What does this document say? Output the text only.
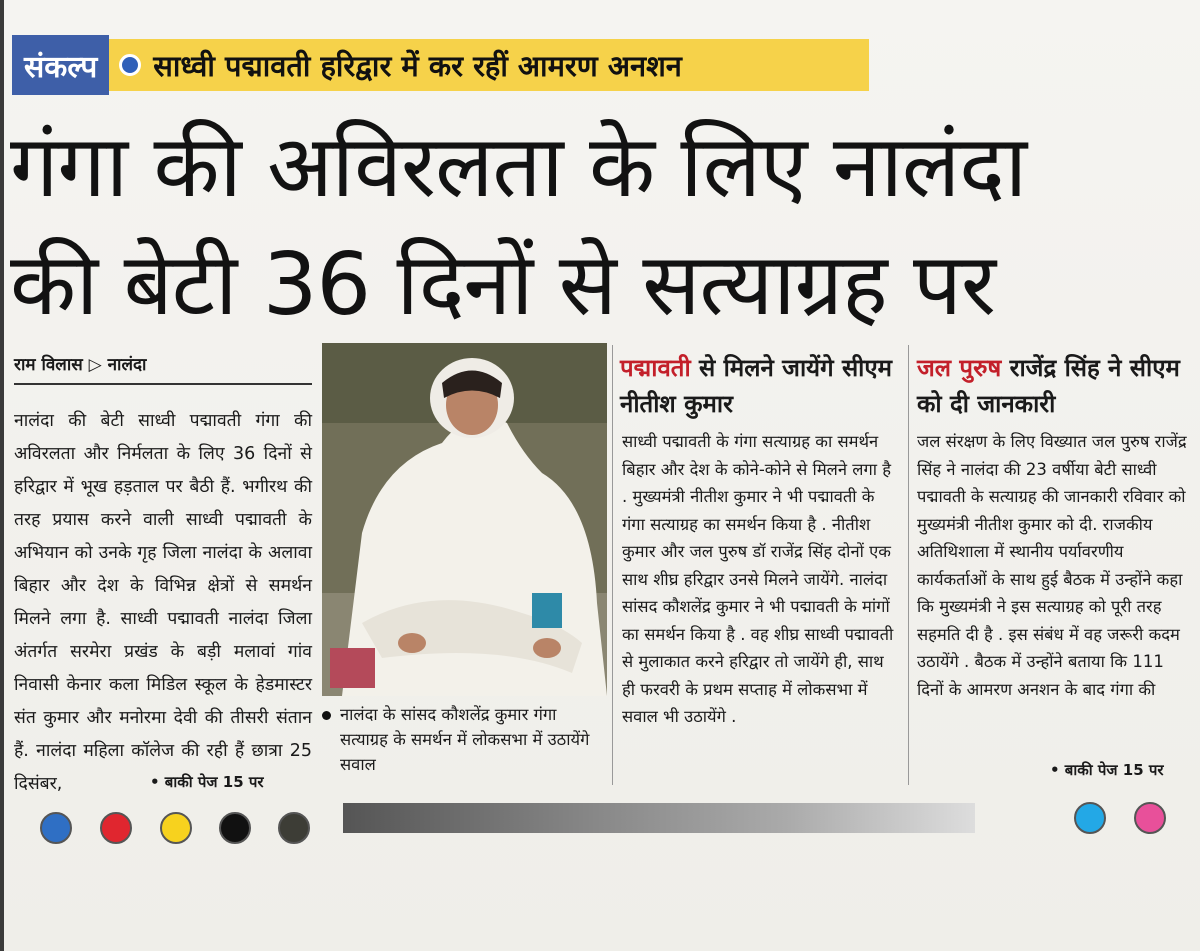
संकल्प	साध्वी पद्मावती हरिद्वार में कर रहीं आमरण अनशन
गंगा की अविरलता के लिए नालंदा
की बेटी 36 दिनों से सत्याग्रह पर
राम विलास ▷ नालंदा
नालंदा की बेटी साध्वी पद्मावती गंगा की अविरलता और निर्मलता के लिए 36 दिनों से हरिद्वार में भूख हड़ताल पर बैठी हैं. भगीरथ की तरह प्रयास करने वाली साध्वी पद्मावती के अभियान को उनके गृह जिला नालंदा के अलावा बिहार और देश के विभिन्न क्षेत्रों से समर्थन मिलने लगा है. साध्वी पद्मावती नालंदा जिला अंतर्गत सरमेरा प्रखंड के बड़ी मलावां गांव निवासी केनार कला मिडिल स्कूल के हेडमास्टर संत कुमार और मनोरमा देवी की तीसरी संतान हैं. नालंदा महिला कॉलेज की रही हैं छात्रा 25 दिसंबर,	• बाकी पेज 15 पर
नालंदा के सांसद कौशलेंद्र कुमार गंगा सत्याग्रह के समर्थन में लोकसभा में उठायेंगे सवाल
पद्मावती से मिलने जायेंगे सीएम नीतीश कुमार
साध्वी पद्मावती के गंगा सत्याग्रह का समर्थन बिहार और देश के कोने-कोने से मिलने लगा है . मुख्यमंत्री नीतीश कुमार ने भी पद्मावती के गंगा सत्याग्रह का समर्थन किया है . नीतीश कुमार और जल पुरुष डॉ राजेंद्र सिंह दोनों एक साथ शीघ्र हरिद्वार उनसे मिलने जायेंगे. नालंदा सांसद कौशलेंद्र कुमार ने भी पद्मावती के मांगों का समर्थन किया है . वह शीघ्र साध्वी पद्मावती से मुलाकात करने हरिद्वार तो जायेंगे ही, साथ ही फरवरी के प्रथम सप्ताह में लोकसभा में सवाल भी उठायेंगे .
जल पुरुष राजेंद्र सिंह ने सीएम को दी जानकारी
जल संरक्षण के लिए विख्यात जल पुरुष राजेंद्र सिंह ने नालंदा की 23 वर्षीया बेटी साध्वी पद्मावती के सत्याग्रह की जानकारी रविवार को मुख्यमंत्री नीतीश कुमार को दी. राजकीय अतिथिशाला में स्थानीय पर्यावरणीय कार्यकर्ताओं के साथ हुई बैठक में उन्होंने कहा कि मुख्यमंत्री ने इस सत्याग्रह को पूरी तरह सहमति दी है . इस संबंध में वह जरूरी कदम उठायेंगे . बैठक में उन्होंने बताया कि 111 दिनों के आमरण अनशन के बाद गंगा की
• बाकी पेज 15 पर
